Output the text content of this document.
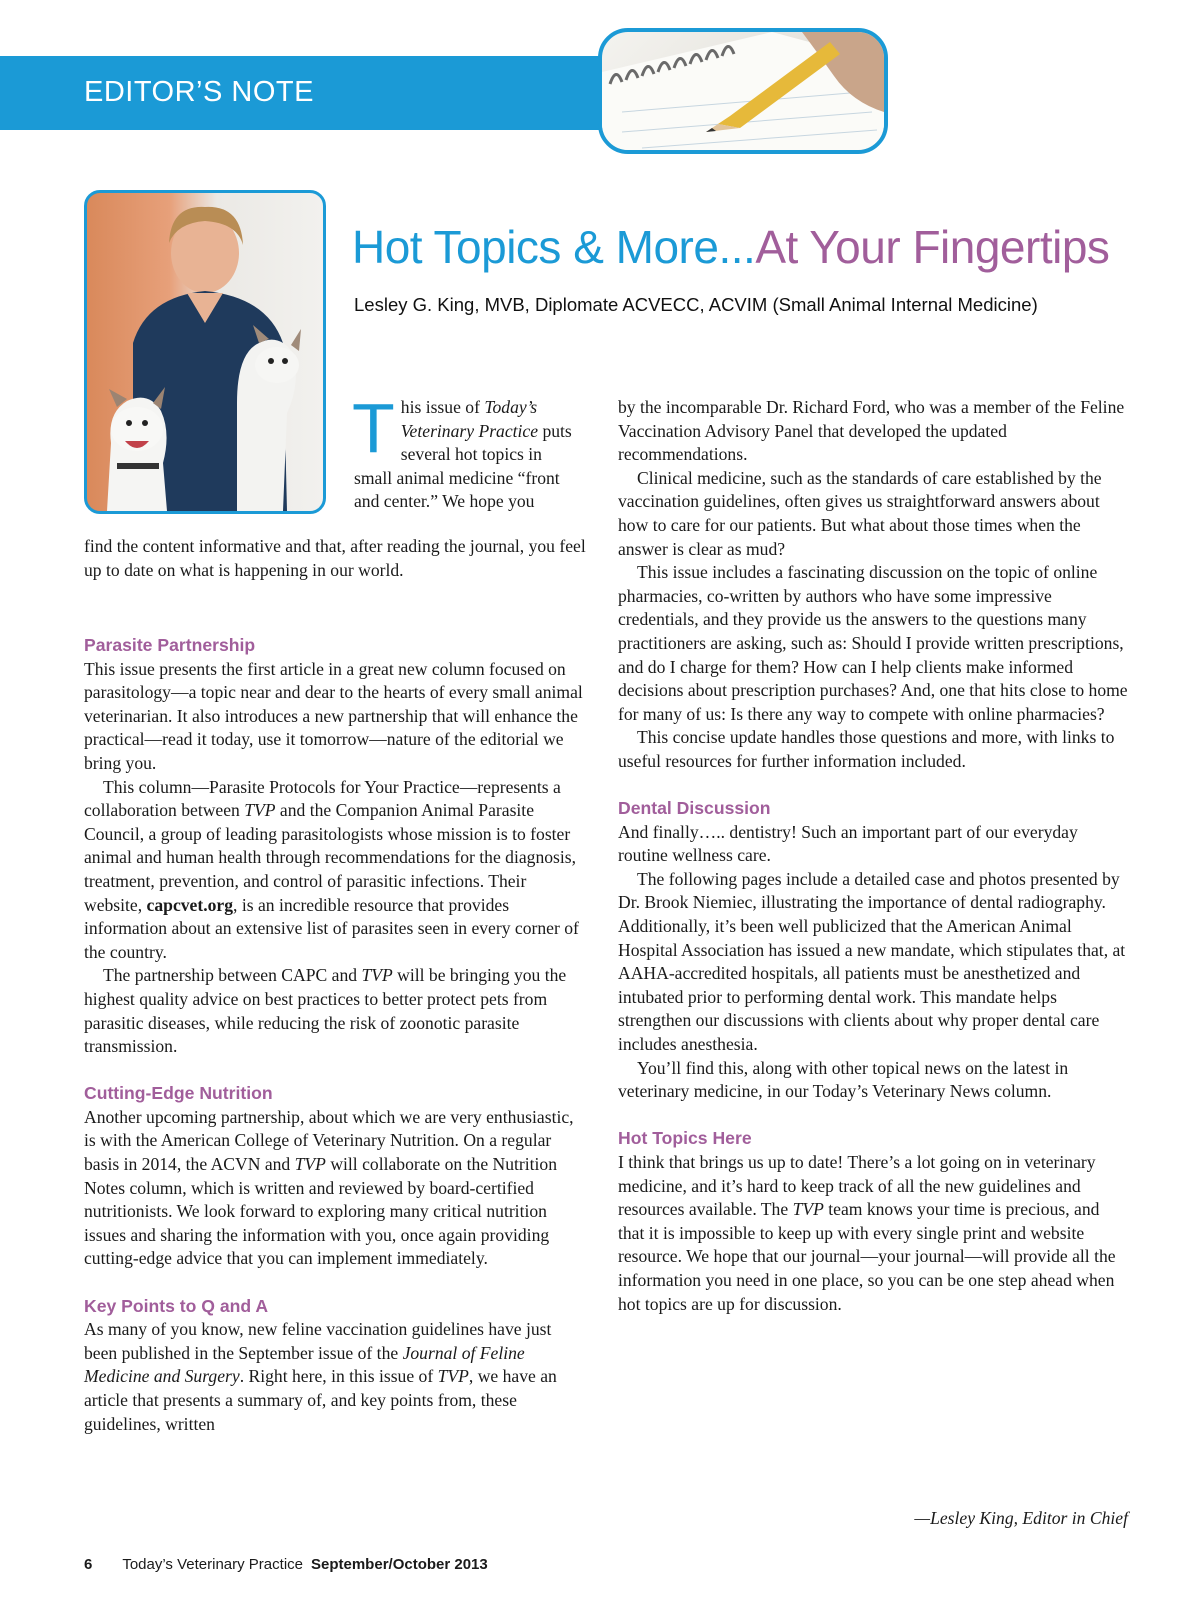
EDITOR’S NOTE
Hot Topics & More...At Your Fingertips
Lesley G. King, MVB, Diplomate ACVECC, ACVIM (Small Animal Internal Medicine)
This issue of Today’s Veterinary Practice puts several hot topics in small animal medicine “front and center.” We hope you

find the content informative and that, after reading the journal, you feel up to date on what is happening in our world.

Parasite Partnership

This issue presents the first article in a great new column focused on parasitology—a topic near and dear to the hearts of every small animal veterinarian. It also introduces a new partnership that will enhance the practical—read it today, use it tomorrow—nature of the editorial we bring you.

This column—Parasite Protocols for Your Practice—represents a collaboration between TVP and the Companion Animal Parasite Council, a group of leading parasitologists whose mission is to foster animal and human health through recommendations for the diagnosis, treatment, prevention, and control of parasitic infections. Their website, capcvet.org, is an incredible resource that provides information about an extensive list of parasites seen in every corner of the country.

The partnership between CAPC and TVP will be bringing you the highest quality advice on best practices to better protect pets from parasitic diseases, while reducing the risk of zoonotic parasite transmission.

Cutting-Edge Nutrition

Another upcoming partnership, about which we are very enthusiastic, is with the American College of Veterinary Nutrition. On a regular basis in 2014, the ACVN and TVP will collaborate on the Nutrition Notes column, which is written and reviewed by board-certified nutritionists. We look forward to exploring many critical nutrition issues and sharing the information with you, once again providing cutting-edge advice that you can implement immediately.

Key Points to Q and A

As many of you know, new feline vaccination guidelines have just been published in the September issue of the Journal of Feline Medicine and Surgery. Right here, in this issue of TVP, we have an article that presents a summary of, and key points from, these guidelines, written

by the incomparable Dr. Richard Ford, who was a member of the Feline Vaccination Advisory Panel that developed the updated recommendations.

Clinical medicine, such as the standards of care established by the vaccination guidelines, often gives us straightforward answers about how to care for our patients. But what about those times when the answer is clear as mud?

This issue includes a fascinating discussion on the topic of online pharmacies, co-written by authors who have some impressive credentials, and they provide us the answers to the questions many practitioners are asking, such as: Should I provide written prescriptions, and do I charge for them? How can I help clients make informed decisions about prescription purchases? And, one that hits close to home for many of us: Is there any way to compete with online pharmacies?

This concise update handles those questions and more, with links to useful resources for further information included.

Dental Discussion

And finally….. dentistry! Such an important part of our everyday routine wellness care.

The following pages include a detailed case and photos presented by Dr. Brook Niemiec, illustrating the importance of dental radiography. Additionally, it’s been well publicized that the American Animal Hospital Association has issued a new mandate, which stipulates that, at AAHA-accredited hospitals, all patients must be anesthetized and intubated prior to performing dental work. This mandate helps strengthen our discussions with clients about why proper dental care includes anesthesia.

You’ll find this, along with other topical news on the latest in veterinary medicine, in our Today’s Veterinary News column.

Hot Topics Here

I think that brings us up to date! There’s a lot going on in veterinary medicine, and it’s hard to keep track of all the new guidelines and resources available. The TVP team knows your time is precious, and that it is impossible to keep up with every single print and website resource. We hope that our journal—your journal—will provide all the information you need in one place, so you can be one step ahead when hot topics are up for discussion.

—Lesley King, Editor in Chief
6 Today’s Veterinary Practice September/October 2013
